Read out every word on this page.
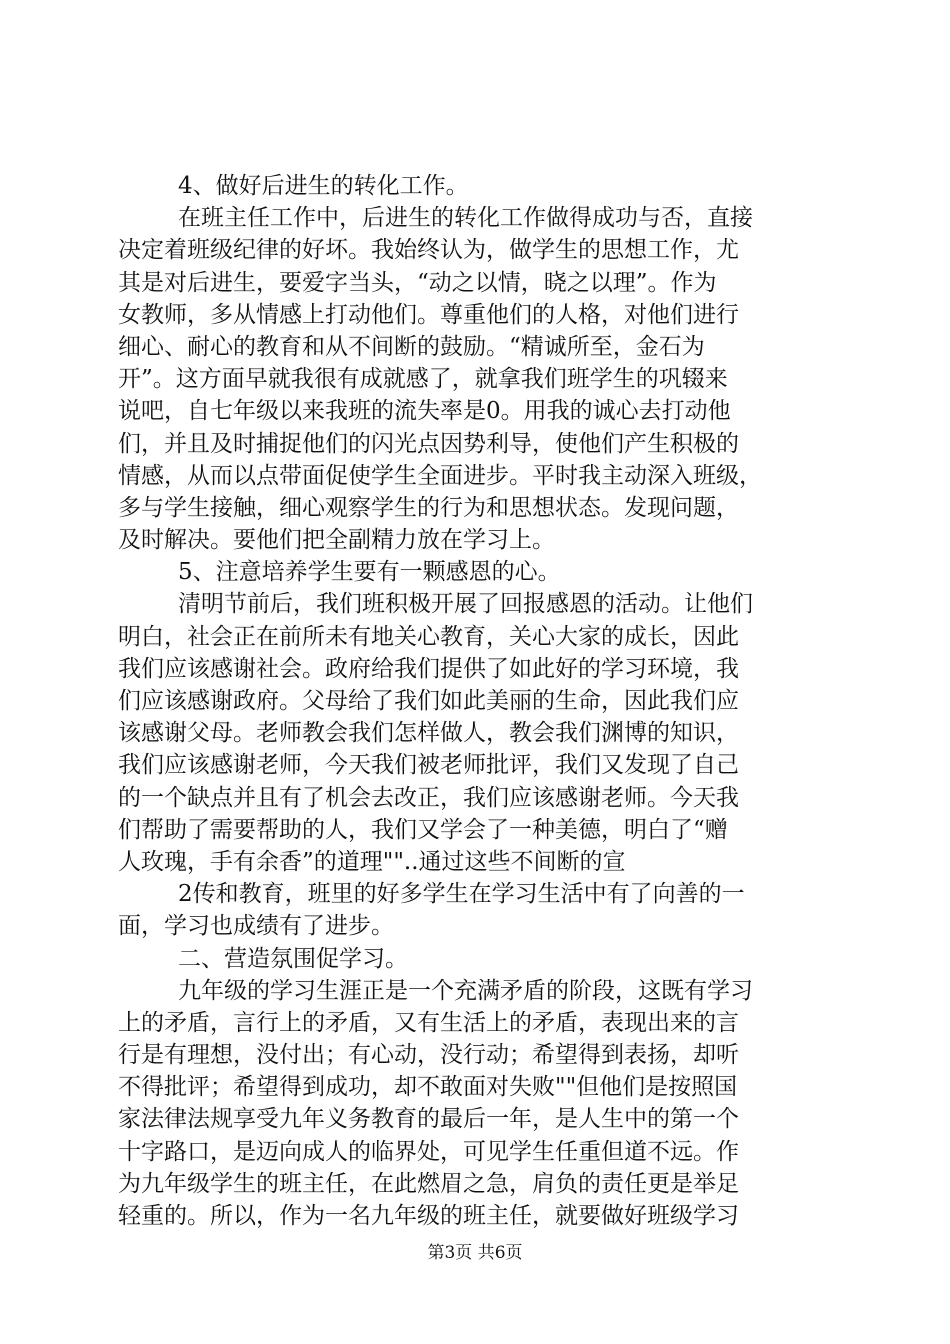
4、做好后进生的转化工作。
在班主任工作中，后进生的转化工作做得成功与否，直接
决定着班级纪律的好坏。我始终认为，做学生的思想工作，尤
其是对后进生，要爱字当头，“动之以情，晓之以理”。作为
女教师，多从情感上打动他们。尊重他们的人格，对他们进行
细心、耐心的教育和从不间断的鼓励。“精诚所至，金石为
开”。这方面早就我很有成就感了，就拿我们班学生的巩辍来
说吧，自七年级以来我班的流失率是0。用我的诚心去打动他
们，并且及时捕捉他们的闪光点因势利导，使他们产生积极的
情感，从而以点带面促使学生全面进步。平时我主动深入班级，
多与学生接触，细心观察学生的行为和思想状态。发现问题，
及时解决。要他们把全副精力放在学习上。
5、注意培养学生要有一颗感恩的心。
清明节前后，我们班积极开展了回报感恩的活动。让他们
明白，社会正在前所未有地关心教育，关心大家的成长，因此
我们应该感谢社会。政府给我们提供了如此好的学习环境，我
们应该感谢政府。父母给了我们如此美丽的生命，因此我们应
该感谢父母。老师教会我们怎样做人，教会我们渊博的知识，
我们应该感谢老师，今天我们被老师批评，我们又发现了自己
的一个缺点并且有了机会去改正，我们应该感谢老师。今天我
们帮助了需要帮助的人，我们又学会了一种美德，明白了“赠
人玫瑰，手有余香”的道理""..通过这些不间断的宣
2传和教育，班里的好多学生在学习生活中有了向善的一
面，学习也成绩有了进步。
二、营造氛围促学习。
九年级的学习生涯正是一个充满矛盾的阶段，这既有学习
上的矛盾，言行上的矛盾，又有生活上的矛盾，表现出来的言
行是有理想，没付出；有心动，没行动；希望得到表扬，却听
不得批评；希望得到成功，却不敢面对失败""但他们是按照国
家法律法规享受九年义务教育的最后一年，是人生中的第一个
十字路口，是迈向成人的临界处，可见学生任重但道不远。作
为九年级学生的班主任，在此燃眉之急，肩负的责任更是举足
轻重的。所以，作为一名九年级的班主任，就要做好班级学习
第3页 共6页
